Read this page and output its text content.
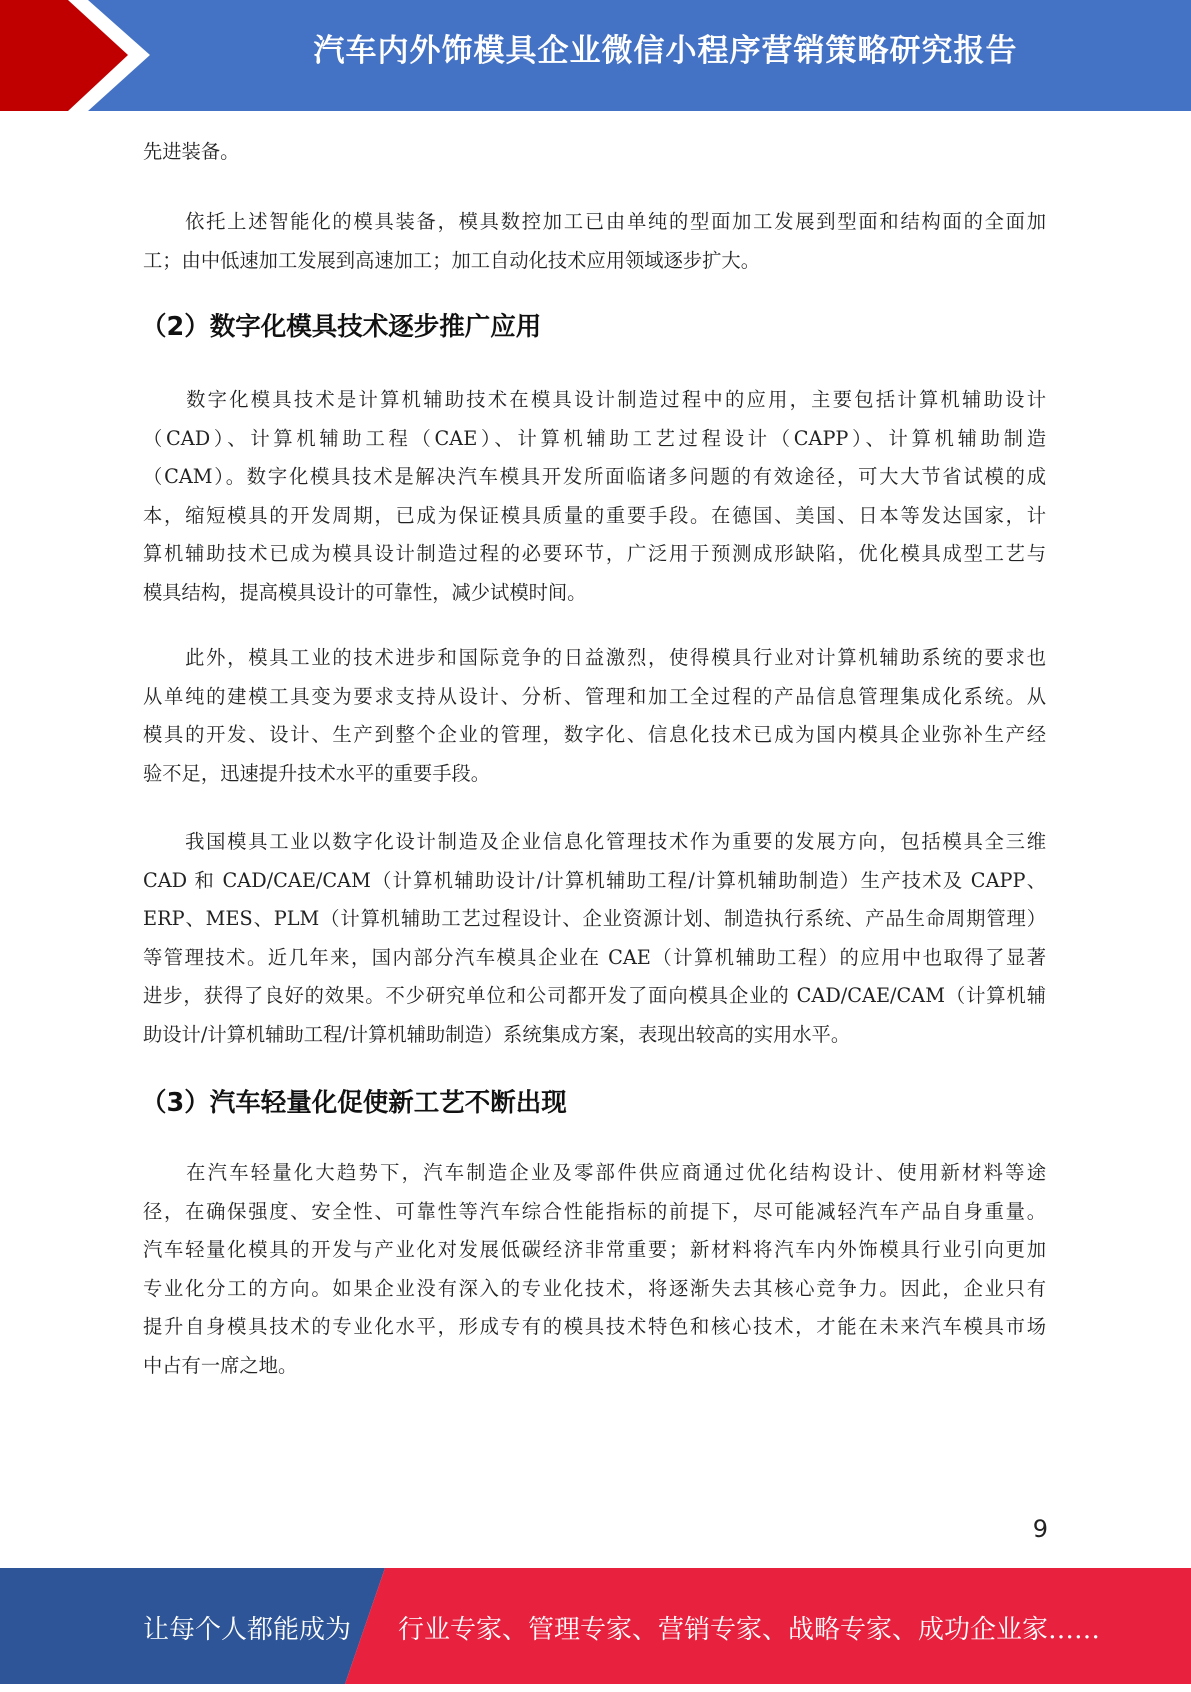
汽车内外饰模具企业微信小程序营销策略研究报告
先进装备。
　　依托上述智能化的模具装备，模具数控加工已由单纯的型面加工发展到型面和结构面的全面加
工；由中低速加工发展到高速加工；加工自动化技术应用领域逐步扩大。
（2）数字化模具技术逐步推广应用
　　数字化模具技术是计算机辅助技术在模具设计制造过程中的应用，主要包括计算机辅助设计
（CAD）、计算机辅助工程（CAE）、计算机辅助工艺过程设计（CAPP）、计算机辅助制造
（CAM）。数字化模具技术是解决汽车模具开发所面临诸多问题的有效途径，可大大节省试模的成
本，缩短模具的开发周期，已成为保证模具质量的重要手段。在德国、美国、日本等发达国家，计
算机辅助技术已成为模具设计制造过程的必要环节，广泛用于预测成形缺陷，优化模具成型工艺与
模具结构，提高模具设计的可靠性，减少试模时间。
　　此外，模具工业的技术进步和国际竞争的日益激烈，使得模具行业对计算机辅助系统的要求也
从单纯的建模工具变为要求支持从设计、分析、管理和加工全过程的产品信息管理集成化系统。从
模具的开发、设计、生产到整个企业的管理，数字化、信息化技术已成为国内模具企业弥补生产经
验不足，迅速提升技术水平的重要手段。
　　我国模具工业以数字化设计制造及企业信息化管理技术作为重要的发展方向，包括模具全三维
CAD 和 CAD/CAE/CAM（计算机辅助设计/计算机辅助工程/计算机辅助制造）生产技术及 CAPP、
ERP、MES、PLM（计算机辅助工艺过程设计、企业资源计划、制造执行系统、产品生命周期管理）
等管理技术。近几年来，国内部分汽车模具企业在 CAE（计算机辅助工程）的应用中也取得了显著
进步，获得了良好的效果。不少研究单位和公司都开发了面向模具企业的 CAD/CAE/CAM（计算机辅
助设计/计算机辅助工程/计算机辅助制造）系统集成方案，表现出较高的实用水平。
（3）汽车轻量化促使新工艺不断出现
　　在汽车轻量化大趋势下，汽车制造企业及零部件供应商通过优化结构设计、使用新材料等途
径，在确保强度、安全性、可靠性等汽车综合性能指标的前提下，尽可能减轻汽车产品自身重量。
汽车轻量化模具的开发与产业化对发展低碳经济非常重要；新材料将汽车内外饰模具行业引向更加
专业化分工的方向。如果企业没有深入的专业化技术，将逐渐失去其核心竞争力。因此，企业只有
提升自身模具技术的专业化水平，形成专有的模具技术特色和核心技术，才能在未来汽车模具市场
中占有一席之地。
9
让每个人都能成为 行业专家、管理专家、营销专家、战略专家、成功企业家……
